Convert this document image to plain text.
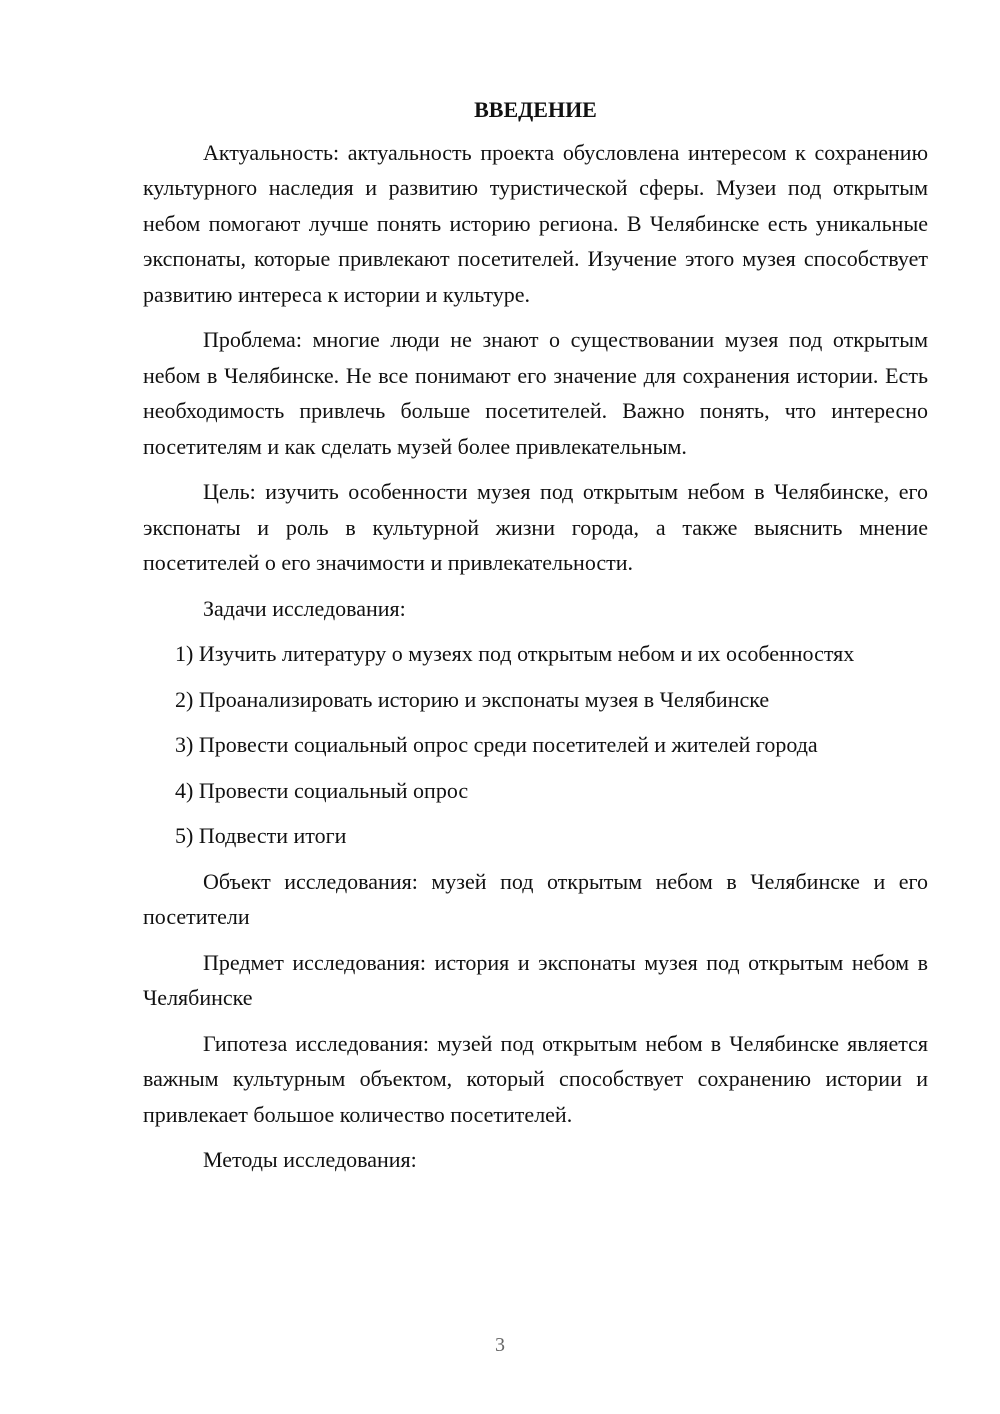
ВВЕДЕНИЕ

Актуальность: актуальность проекта обусловлена интересом к сохранению культурного наследия и развитию туристической сферы. Музеи под открытым небом помогают лучше понять историю региона. В Челябинске есть уникальные экспонаты, которые привлекают посетителей. Изучение этого музея способствует развитию интереса к истории и культуре.

Проблема: многие люди не знают о существовании музея под открытым небом в Челябинске. Не все понимают его значение для сохранения истории. Есть необходимость привлечь больше посетителей. Важно понять, что интересно посетителям и как сделать музей более привлекательным.

Цель: изучить особенности музея под открытым небом в Челябинске, его экспонаты и роль в культурной жизни города, а также выяснить мнение посетителей о его значимости и привлекательности.

Задачи исследования:

1) Изучить литературу о музеях под открытым небом и их особенностях

2) Проанализировать историю и экспонаты музея в Челябинске

3) Провести социальный опрос среди посетителей и жителей города

4) Провести социальный опрос

5) Подвести итоги

Объект исследования: музей под открытым небом в Челябинске и его посетители

Предмет исследования: история и экспонаты музея под открытым небом в Челябинске

Гипотеза исследования: музей под открытым небом в Челябинске является важным культурным объектом, который способствует сохранению истории и привлекает большое количество посетителей.

Методы исследования:

3
